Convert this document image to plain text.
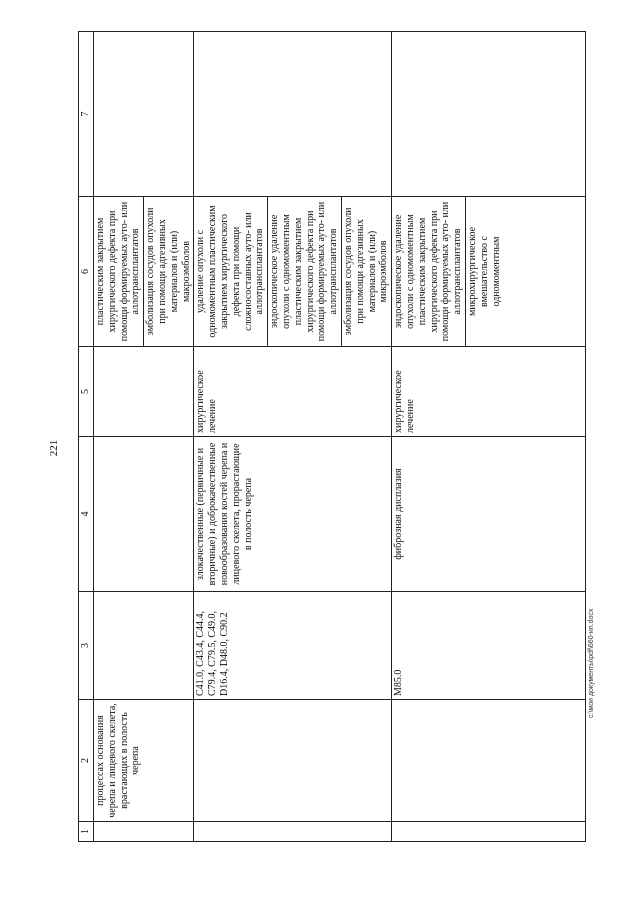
221
c:\мои документы\pdf\660-ип.docx
1	2	3	4	5	6	7
	процессах основания черепа и лицевого скелета, врастающих в полость черепа				пластическим закрытием хирургического дефекта при помощи формируемых ауто- или аллотрансплантатов эмболизация сосудов опухоли при помощи адгезивных материалов и (или) макроэмболов	

		C41.0, C43.4, C44.4, C79.4, C79.5, C49.0, D16.4, D48.0, C90.2	злокачественные (первичные и вторичные) и доброкачественные новообразования костей черепа и лицевого скелета, прорастающие в полость черепа	хирургическое лечение	удаление опухоли с одномоментным пластическим закрытием хирургического дефекта при помощи сложносоставных ауто- или аллотрансплантатов эндоскопическое удаление опухоли с одномоментным пластическим закрытием хирургического дефекта при помощи формируемых ауто- или аллотрансплантатов эмболизация сосудов опухоли при помощи адгезивных материалов и (или) микроэмболов	

		M85.0	фиброзная дисплазия	хирургическое лечение	эндоскопическое удаление опухоли с одномоментным пластическим закрытием хирургического дефекта при помощи формируемых ауто- или аллотрансплантатов микрохирургическое вмешательство с одномоментным	
